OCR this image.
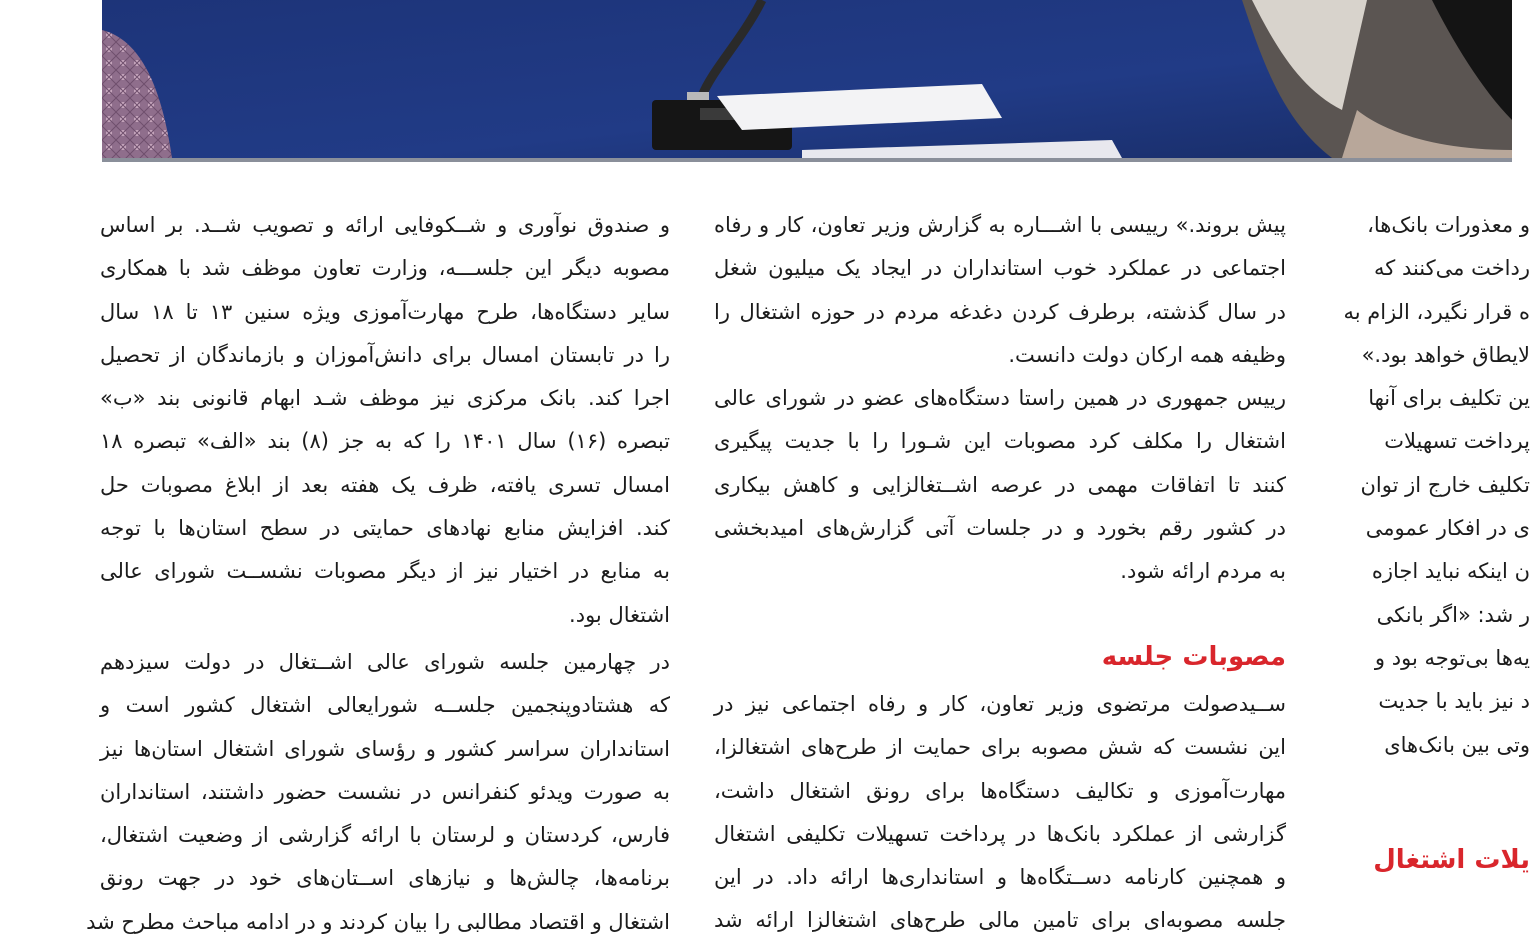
و معذورات بانک‌ها،
رداخت می‌کنند که
ه قرار نگیرد، الزام به
لایطاق خواهد بود.»
ین تکلیف برای آنها
پرداخت تسهیلات
تکلیف خارج از توان
ی در افکار عمومی
ن اینکه نباید اجازه
ر شد: «اگر بانکی
یه‌ها بی‌توجه بود و
د نیز باید با جدیت
وتی بین بانک‌های
یلات اشتغال
پیش بروند.» رییسی با اشـــاره به گزارش وزیر تعاون، کار و رفاه
اجتماعی در عملکرد خوب استانداران در ایجاد یک میلیون شغل
در سال گذشته، برطرف کردن دغدغه مردم در حوزه اشتغال را
وظیفه همه ارکان دولت دانست.
رییس جمهوری در همین راستا دستگاه‌های عضو در شورای عالی
اشتغال را مکلف کرد مصوبات این شـورا را با جدیت پیگیری
کنند تا اتفاقات مهمی در عرصه اشــتغالزایی و کاهش بیکاری
در کشور رقم بخورد و در جلسات آتی گزارش‌های امیدبخشی
به مردم ارائه شود.
مصوبات جلسه
ســیدصولت مرتضوی وزیر تعاون، کار و رفاه اجتماعی نیز در
این نشست که شش مصوبه برای حمایت از طرح‌های اشتغالزا،
مهارت‌آموزی و تکالیف دستگاه‌ها برای رونق اشتغال داشت،
گزارشی از عملکرد بانک‌ها در پرداخت تسهیلات تکلیفی اشتغال
و همچنین کارنامه دســتگاه‌ها و استانداری‌ها ارائه داد. در این
جلسه مصوبه‌ای برای تامین مالی طرح‌های اشتغالزا ارائه شد
و صندوق نوآوری و شــکوفایی ارائه و تصویب شــد. بر اساس
مصوبه دیگر این جلســـه، وزارت تعاون موظف شد با همکاری
سایر دستگاه‌ها، طرح مهارت‌آموزی ویژه سنین ۱۳ تا ۱۸ سال
را در تابستان امسال برای دانش‌آموزان و بازماندگان از تحصیل
اجرا کند. بانک مرکزی نیز موظف شـد ابهام قانونی بند «ب»
تبصره (۱۶) سال ۱۴۰۱ را که به جز (۸) بند «الف» تبصره ۱۸
امسال تسری یافته، ظرف یک هفته بعد از ابلاغ مصوبات حل
کند. افزایش منابع نهادهای حمایتی در سطح استان‌ها با توجه
به منابع در اختیار نیز از دیگر مصوبات نشســت شورای عالی
اشتغال بود.
در چهارمین جلسه شورای عالی اشــتغال در دولت سیزدهم
که هشتادوپنجمین جلســه شورایعالی اشتغال کشور است و
استانداران سراسر کشور و رؤسای شورای اشتغال استان‌ها نیز
به صورت ویدئو کنفرانس در نشست حضور داشتند، استانداران
فارس، کردستان و لرستان با ارائه گزارشی از وضعیت اشتغال،
برنامه‌ها، چالش‌ها و نیازهای اســتان‌های خود در جهت رونق
اشتغال و اقتصاد مطالبی را بیان کردند و در ادامه مباحث مطرح شد
